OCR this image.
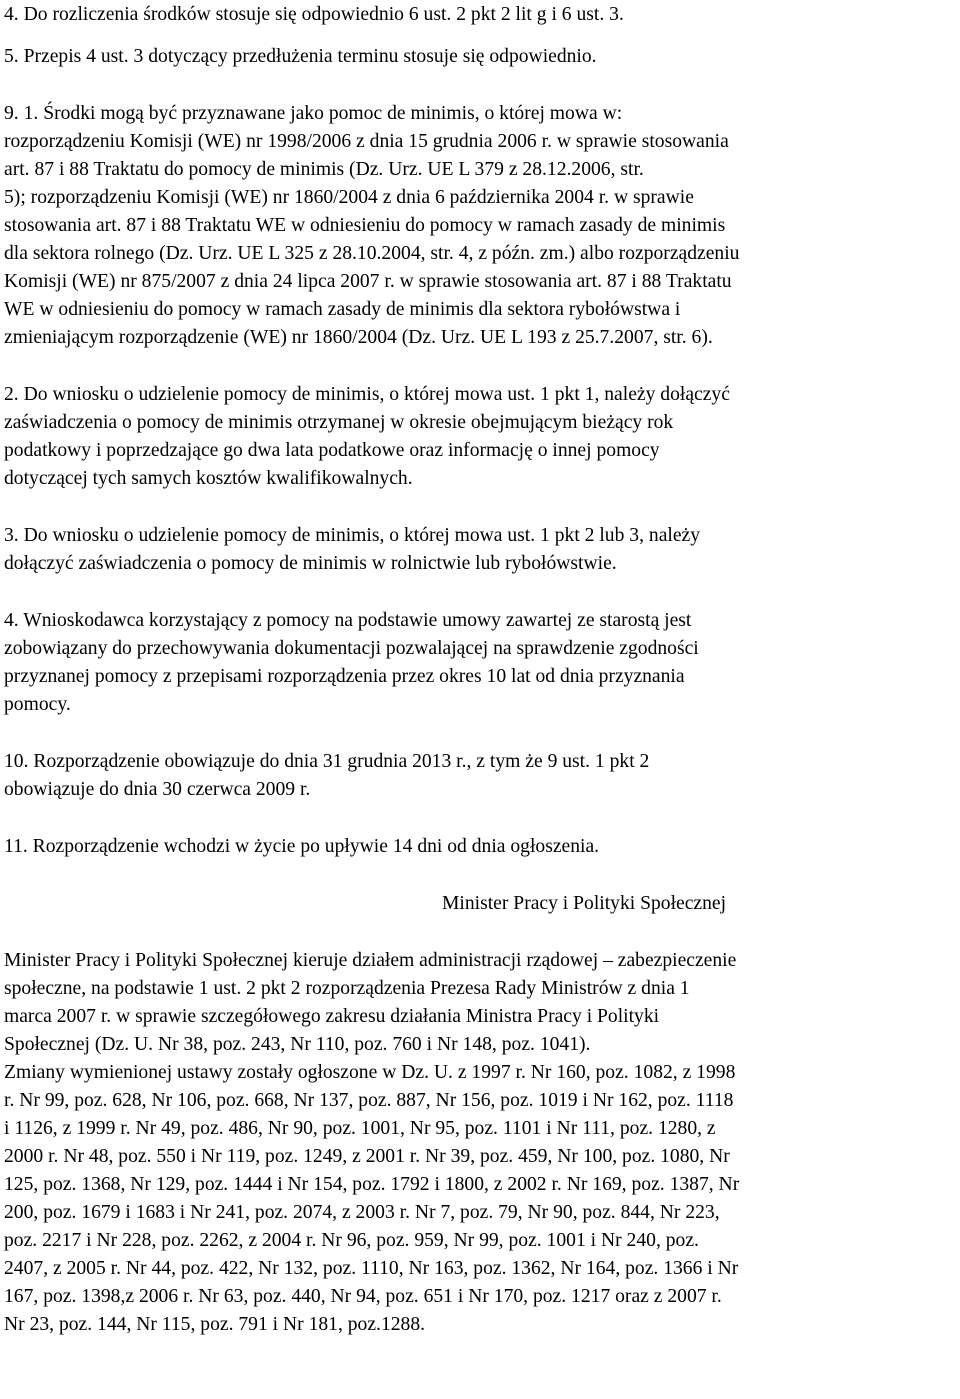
4. Do rozliczenia środków stosuje się odpowiednio 6 ust. 2 pkt 2 lit g i 6 ust. 3.
5. Przepis 4 ust. 3 dotyczący przedłużenia terminu stosuje się odpowiednio.
9. 1. Środki mogą być przyznawane jako pomoc de minimis, o której mowa w:
rozporządzeniu Komisji (WE) nr 1998/2006 z dnia 15 grudnia 2006 r. w sprawie stosowania
art. 87 i 88 Traktatu do pomocy de minimis (Dz. Urz. UE L 379 z 28.12.2006, str.
5); rozporządzeniu Komisji (WE) nr 1860/2004 z dnia 6 października 2004 r. w sprawie
stosowania art. 87 i 88 Traktatu WE w odniesieniu do pomocy w ramach zasady de minimis
dla sektora rolnego (Dz. Urz. UE L 325 z 28.10.2004, str. 4, z późn. zm.) albo rozporządzeniu
Komisji (WE) nr 875/2007 z dnia 24 lipca 2007 r. w sprawie stosowania art. 87 i 88 Traktatu
WE w odniesieniu do pomocy w ramach zasady de minimis dla sektora rybołówstwa i
zmieniającym rozporządzenie (WE) nr 1860/2004 (Dz. Urz. UE L 193 z 25.7.2007, str. 6).
2. Do wniosku o udzielenie pomocy de minimis, o której mowa ust. 1 pkt 1, należy dołączyć
zaświadczenia o pomocy de minimis otrzymanej w okresie obejmującym bieżący rok
podatkowy i poprzedzające go dwa lata podatkowe oraz informację o innej pomocy
dotyczącej tych samych kosztów kwalifikowalnych.
3. Do wniosku o udzielenie pomocy de minimis, o której mowa ust. 1 pkt 2 lub 3, należy
dołączyć zaświadczenia o pomocy de minimis w rolnictwie lub rybołówstwie.
4. Wnioskodawca korzystający z pomocy na podstawie umowy zawartej ze starostą jest
zobowiązany do przechowywania dokumentacji pozwalającej na sprawdzenie zgodności
przyznanej pomocy z przepisami rozporządzenia przez okres 10 lat od dnia przyznania
pomocy.
10. Rozporządzenie obowiązuje do dnia 31 grudnia 2013 r., z tym że 9 ust. 1 pkt 2
obowiązuje do dnia 30 czerwca 2009 r.
11. Rozporządzenie wchodzi w życie po upływie 14 dni od dnia ogłoszenia.
Minister Pracy i Polityki Społecznej
Minister Pracy i Polityki Społecznej kieruje działem administracji rządowej – zabezpieczenie
społeczne, na podstawie 1 ust. 2 pkt 2 rozporządzenia Prezesa Rady Ministrów z dnia 1
marca 2007 r. w sprawie szczegółowego zakresu działania Ministra Pracy i Polityki
Społecznej (Dz. U. Nr 38, poz. 243, Nr 110, poz. 760 i Nr 148, poz. 1041).
Zmiany wymienionej ustawy zostały ogłoszone w Dz. U. z 1997 r. Nr 160, poz. 1082, z 1998
r. Nr 99, poz. 628, Nr 106, poz. 668, Nr 137, poz. 887, Nr 156, poz. 1019 i Nr 162, poz. 1118
i 1126, z 1999 r. Nr 49, poz. 486, Nr 90, poz. 1001, Nr 95, poz. 1101 i Nr 111, poz. 1280, z
2000 r. Nr 48, poz. 550 i Nr 119, poz. 1249, z 2001 r. Nr 39, poz. 459, Nr 100, poz. 1080, Nr
125, poz. 1368, Nr 129, poz. 1444 i Nr 154, poz. 1792 i 1800, z 2002 r. Nr 169, poz. 1387, Nr
200, poz. 1679 i 1683 i Nr 241, poz. 2074, z 2003 r. Nr 7, poz. 79, Nr 90, poz. 844, Nr 223,
poz. 2217 i Nr 228, poz. 2262, z 2004 r. Nr 96, poz. 959, Nr 99, poz. 1001 i Nr 240, poz.
2407, z 2005 r. Nr 44, poz. 422, Nr 132, poz. 1110, Nr 163, poz. 1362, Nr 164, poz. 1366 i Nr
167, poz. 1398,z 2006 r. Nr 63, poz. 440, Nr 94, poz. 651 i Nr 170, poz. 1217 oraz z 2007 r.
Nr 23, poz. 144, Nr 115, poz. 791 i Nr 181, poz.1288.
